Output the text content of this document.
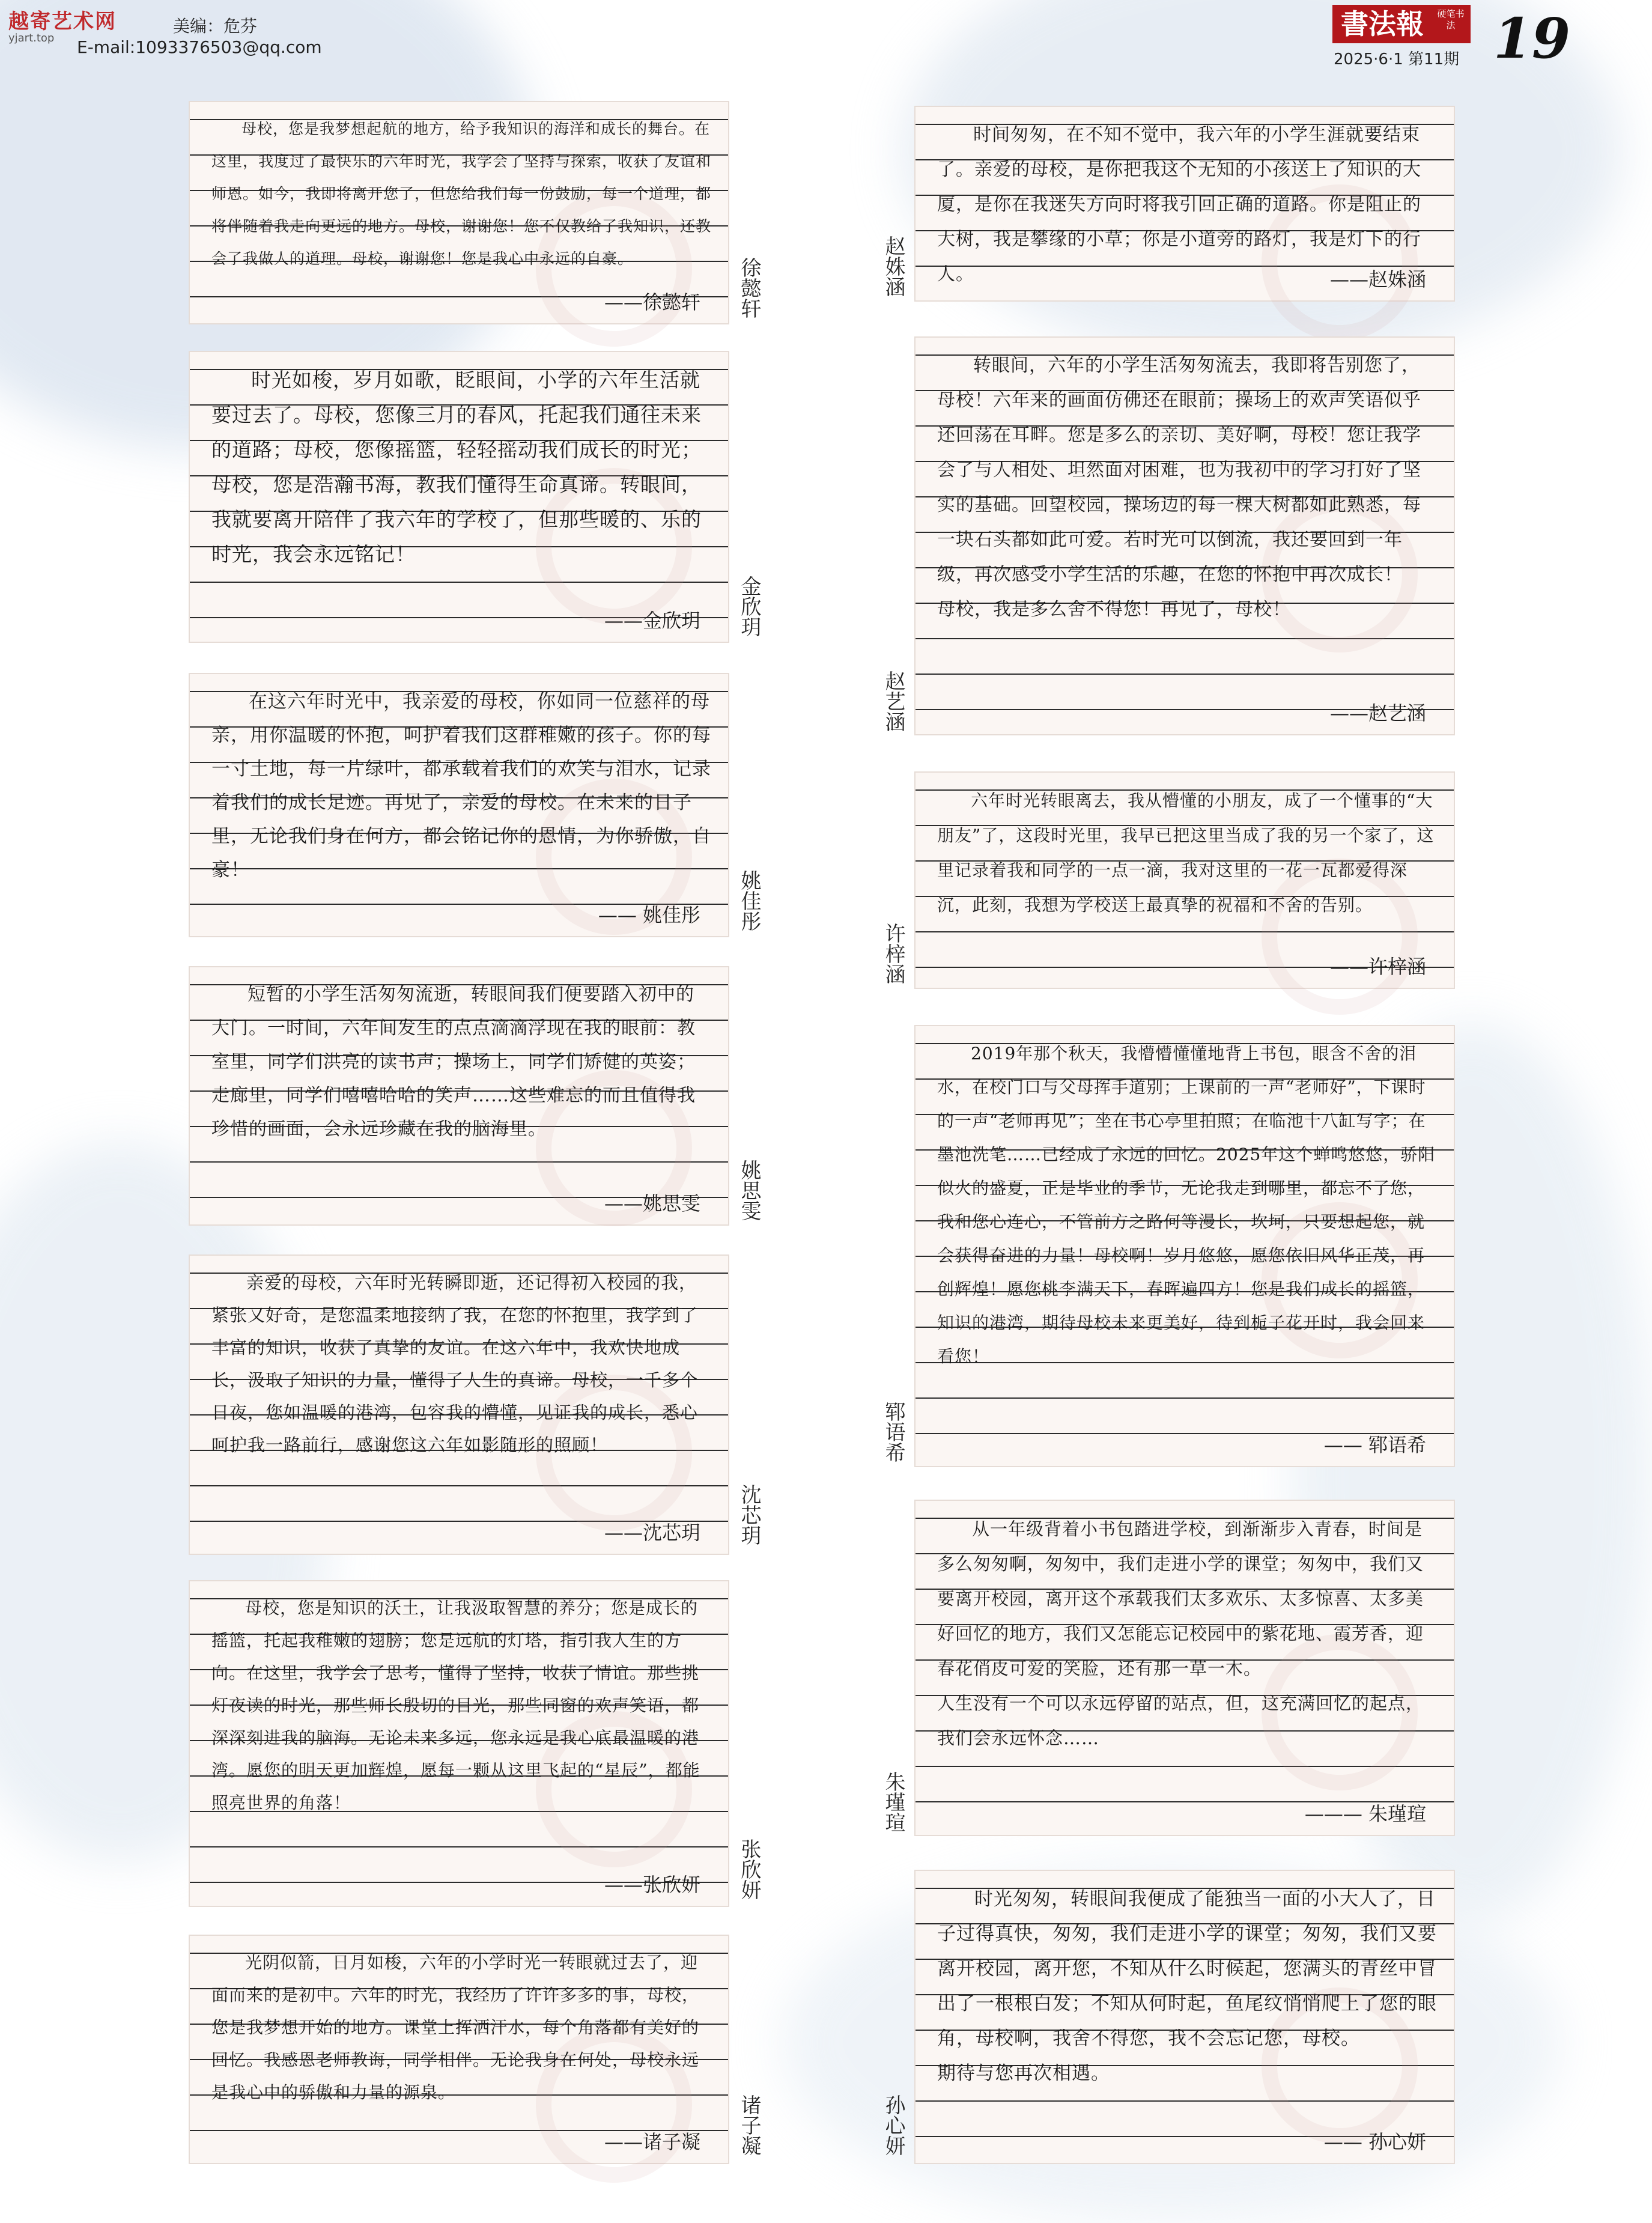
越寄艺术网
yjart.top
美编：危芬
E-mail:1093376503@qq.com
書法報	硬笔书法
2025·6·1 第11期 19
母校，您是我梦想起航的地方，给予我知识的海洋和成长的舞台。在这里，我度过了最快乐的六年时光，我学会了坚持与探索，收获了友谊和师恩。如今，我即将离开您了，但您给我们每一份鼓励，每一个道理，都将伴随着我走向更远的地方。母校，谢谢您！您不仅教给了我知识，还教会了我做人的道理。母校，谢谢您！您是我心中永远的自豪。
——徐懿轩 徐懿轩
时光如梭，岁月如歌，眨眼间，小学的六年生活就要过去了。母校，您像三月的春风，托起我们通往未来的道路；母校，您像摇篮，轻轻摇动我们成长的时光；母校，您是浩瀚书海，教我们懂得生命真谛。转眼间，我就要离开陪伴了我六年的学校了，但那些暖的、乐的时光，我会永远铭记！
——金欣玥 金欣玥
在这六年时光中，我亲爱的母校，你如同一位慈祥的母亲，用你温暖的怀抱，呵护着我们这群稚嫩的孩子。你的每一寸土地，每一片绿叶，都承载着我们的欢笑与泪水，记录着我们的成长足迹。再见了，亲爱的母校。在未来的日子里，无论我们身在何方，都会铭记你的恩情，为你骄傲，自豪！
—— 姚佳彤 姚佳彤
短暂的小学生活匆匆流逝，转眼间我们便要踏入初中的大门。一时间，六年间发生的点点滴滴浮现在我的眼前：教室里，同学们洪亮的读书声；操场上，同学们矫健的英姿；走廊里，同学们嘻嘻哈哈的笑声……这些难忘的而且值得我珍惜的画面，会永远珍藏在我的脑海里。
——姚思雯 姚思雯
亲爱的母校，六年时光转瞬即逝，还记得初入校园的我，紧张又好奇，是您温柔地接纳了我，在您的怀抱里，我学到了丰富的知识，收获了真挚的友谊。在这六年中，我欢快地成长，汲取了知识的力量，懂得了人生的真谛。母校，一千多个日夜，您如温暖的港湾，包容我的懵懂，见证我的成长，悉心呵护我一路前行，感谢您这六年如影随形的照顾！
——沈芯玥 沈芯玥
母校，您是知识的沃土，让我汲取智慧的养分；您是成长的摇篮，托起我稚嫩的翅膀；您是远航的灯塔，指引我人生的方向。在这里，我学会了思考，懂得了坚持，收获了情谊。那些挑灯夜读的时光，那些师长殷切的目光，那些同窗的欢声笑语，都深深刻进我的脑海。无论未来多远，您永远是我心底最温暖的港湾。愿您的明天更加辉煌，愿每一颗从这里飞起的“星辰”，都能照亮世界的角落！
——张欣妍 张欣妍
光阴似箭，日月如梭，六年的小学时光一转眼就过去了，迎面而来的是初中。六年的时光，我经历了许许多多的事，母校，您是我梦想开始的地方。课堂上挥洒汗水，每个角落都有美好的回忆。我感恩老师教诲，同学相伴。无论我身在何处，母校永远是我心中的骄傲和力量的源泉。
——诸子凝 诸子凝
赵姝涵
时间匆匆，在不知不觉中，我六年的小学生涯就要结束了。亲爱的母校，是你把我这个无知的小孩送上了知识的大厦，是你在我迷失方向时将我引回正确的道路。你是阻止的大树，我是攀缘的小草；你是小道旁的路灯，我是灯下的行人。	——赵姝涵
赵艺涵
转眼间，六年的小学生活匆匆流去，我即将告别您了，母校！六年来的画面仿佛还在眼前；操场上的欢声笑语似乎还回荡在耳畔。您是多么的亲切、美好啊，母校！您让我学会了与人相处、坦然面对困难，也为我初中的学习打好了坚实的基础。回望校园，操场边的每一棵大树都如此熟悉，每一块石头都如此可爱。若时光可以倒流，我还要回到一年级，再次感受小学生活的乐趣，在您的怀抱中再次成长！
母校，我是多么舍不得您！再见了，母校！
——赵艺涵
许梓涵
六年时光转眼离去，我从懵懂的小朋友，成了一个懂事的“大朋友”了，这段时光里，我早已把这里当成了我的另一个家了，这里记录着我和同学的一点一滴，我对这里的一花一瓦都爱得深沉，此刻，我想为学校送上最真挚的祝福和不舍的告别。
——许梓涵
郓语希
2019年那个秋天，我懵懵懂懂地背上书包，眼含不舍的泪水，在校门口与父母挥手道别；上课前的一声“老师好”，下课时的一声“老师再见”；坐在书心亭里拍照；在临池十八缸写字；在墨池洗笔……已经成了永远的回忆。2025年这个蝉鸣悠悠，骄阳似火的盛夏，正是毕业的季节，无论我走到哪里，都忘不了您，我和您心连心，不管前方之路何等漫长，坎坷，只要想起您，就会获得奋进的力量！母校啊！岁月悠悠，愿您依旧风华正茂，再创辉煌！愿您桃李满天下，春晖遍四方！您是我们成长的摇篮，知识的港湾，期待母校未来更美好，待到栀子花开时，我会回来看您！
—— 郓语希
朱瑾瑄
从一年级背着小书包踏进学校，到渐渐步入青春，时间是多么匆匆啊，匆匆中，我们走进小学的课堂；匆匆中，我们又要离开校园，离开这个承载我们太多欢乐、太多惊喜、太多美好回忆的地方，我们又怎能忘记校园中的紫花地、霞芳香，迎春花俏皮可爱的笑脸，还有那一草一木。
人生没有一个可以永远停留的站点，但，这充满回忆的起点，我们会永远怀念……
——— 朱瑾瑄
孙心妍
时光匆匆，转眼间我便成了能独当一面的小大人了，日子过得真快，匆匆，我们走进小学的课堂；匆匆，我们又要离开校园，离开您，不知从什么时候起，您满头的青丝中冒出了一根根白发；不知从何时起，鱼尾纹悄悄爬上了您的眼角，母校啊，我舍不得您，我不会忘记您，母校。
期待与您再次相遇。
—— 孙心妍
